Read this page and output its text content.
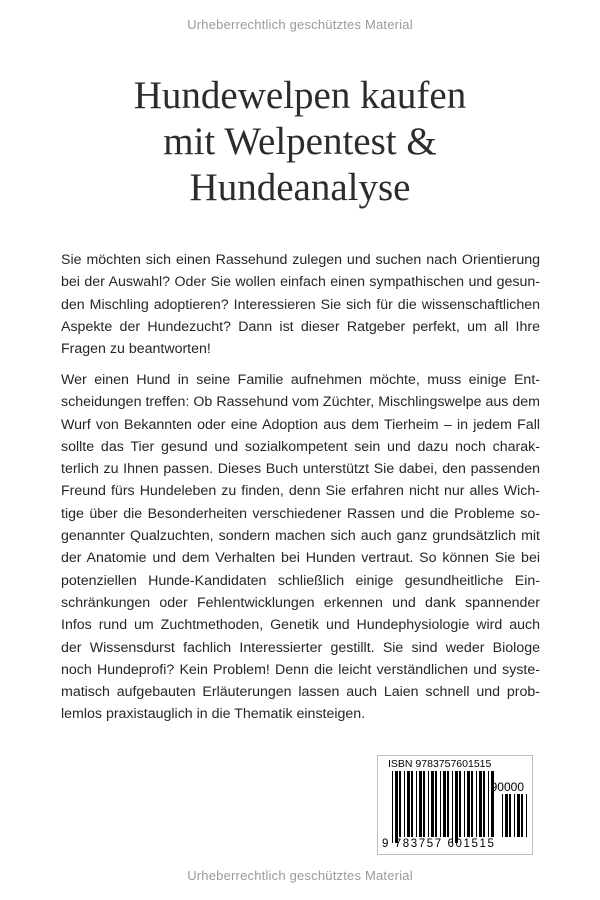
Urheberrechtlich geschütztes Material
Hundewelpen kaufen
mit Welpentest &
Hundeanalyse

Sie möchten sich einen Rassehund zulegen und suchen nach Orientierung bei der Auswahl? Oder Sie wollen einfach einen sympathischen und gesunden Mischling adoptieren? Interessieren Sie sich für die wissenschaftlichen Aspekte der Hundezucht? Dann ist dieser Ratgeber perfekt, um all Ihre Fragen zu beantworten!

Wer einen Hund in seine Familie aufnehmen möchte, muss einige Entscheidungen treffen: Ob Rassehund vom Züchter, Mischlingswelpe aus dem Wurf von Bekannten oder eine Adoption aus dem Tierheim – in jedem Fall sollte das Tier gesund und sozialkompetent sein und dazu noch charakterlich zu Ihnen passen. Dieses Buch unterstützt Sie dabei, den passenden Freund fürs Hundeleben zu finden, denn Sie erfahren nicht nur alles Wichtige über die Besonderheiten verschiedener Rassen und die Probleme sogenannter Qualzuchten, sondern machen sich auch ganz grundsätzlich mit der Anatomie und dem Verhalten bei Hunden vertraut. So können Sie bei potenziellen Hunde-Kandidaten schließlich einige gesundheitliche Einschränkungen oder Fehlentwicklungen erkennen und dank spannender Infos rund um Zuchtmethoden, Genetik und Hundephysiologie wird auch der Wissensdurst fachlich Interessierter gestillt. Sie sind weder Biologe noch Hundeprofi? Kein Problem! Denn die leicht verständlichen und systematisch aufgebauten Erläuterungen lassen auch Laien schnell und problemlos praxistauglich in die Thematik einsteigen.

ISBN 9783757601515
90000
9 783757 601515
Urheberrechtlich geschütztes Material
